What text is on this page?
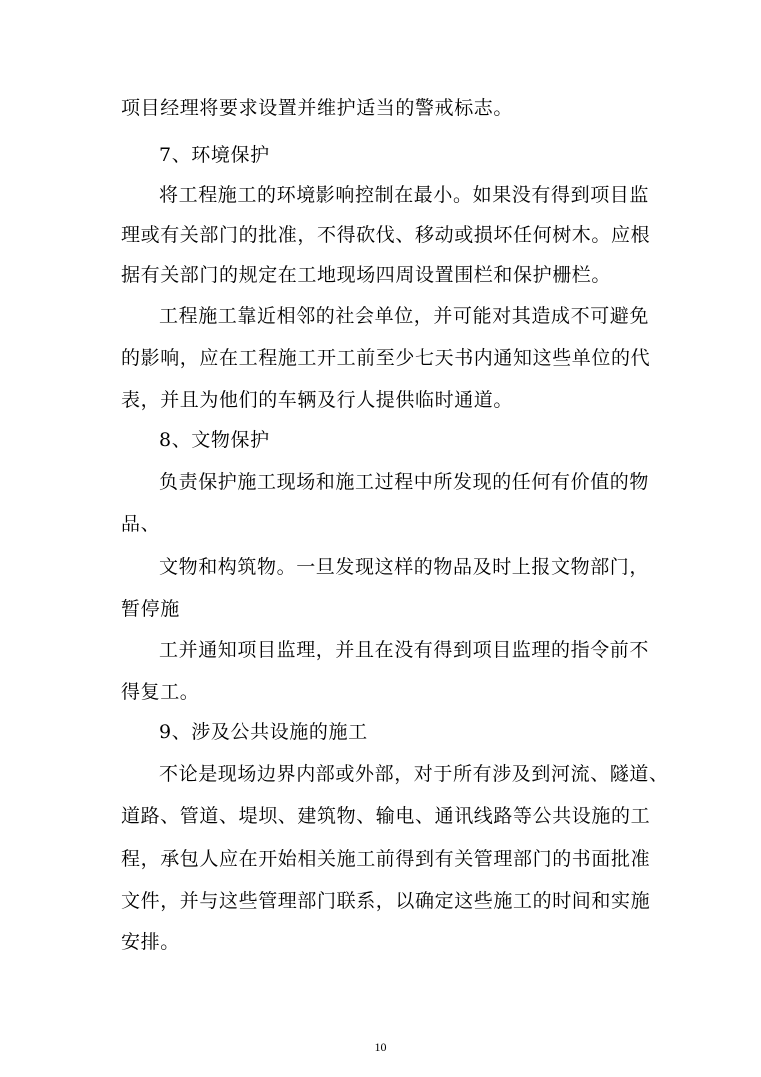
项目经理将要求设置并维护适当的警戒标志。
7、环境保护
将工程施工的环境影响控制在最小。如果没有得到项目监
理或有关部门的批准，不得砍伐、移动或损坏任何树木。应根
据有关部门的规定在工地现场四周设置围栏和保护栅栏。
工程施工靠近相邻的社会单位，并可能对其造成不可避免
的影响，应在工程施工开工前至少七天书内通知这些单位的代
表，并且为他们的车辆及行人提供临时通道。
8、文物保护
负责保护施工现场和施工过程中所发现的任何有价值的物
品、
文物和构筑物。一旦发现这样的物品及时上报文物部门，
暂停施
工并通知项目监理，并且在没有得到项目监理的指令前不
得复工。
9、涉及公共设施的施工
不论是现场边界内部或外部，对于所有涉及到河流、隧道、
道路、管道、堤坝、建筑物、输电、通讯线路等公共设施的工
程，承包人应在开始相关施工前得到有关管理部门的书面批准
文件，并与这些管理部门联系，以确定这些施工的时间和实施
安排。
10
